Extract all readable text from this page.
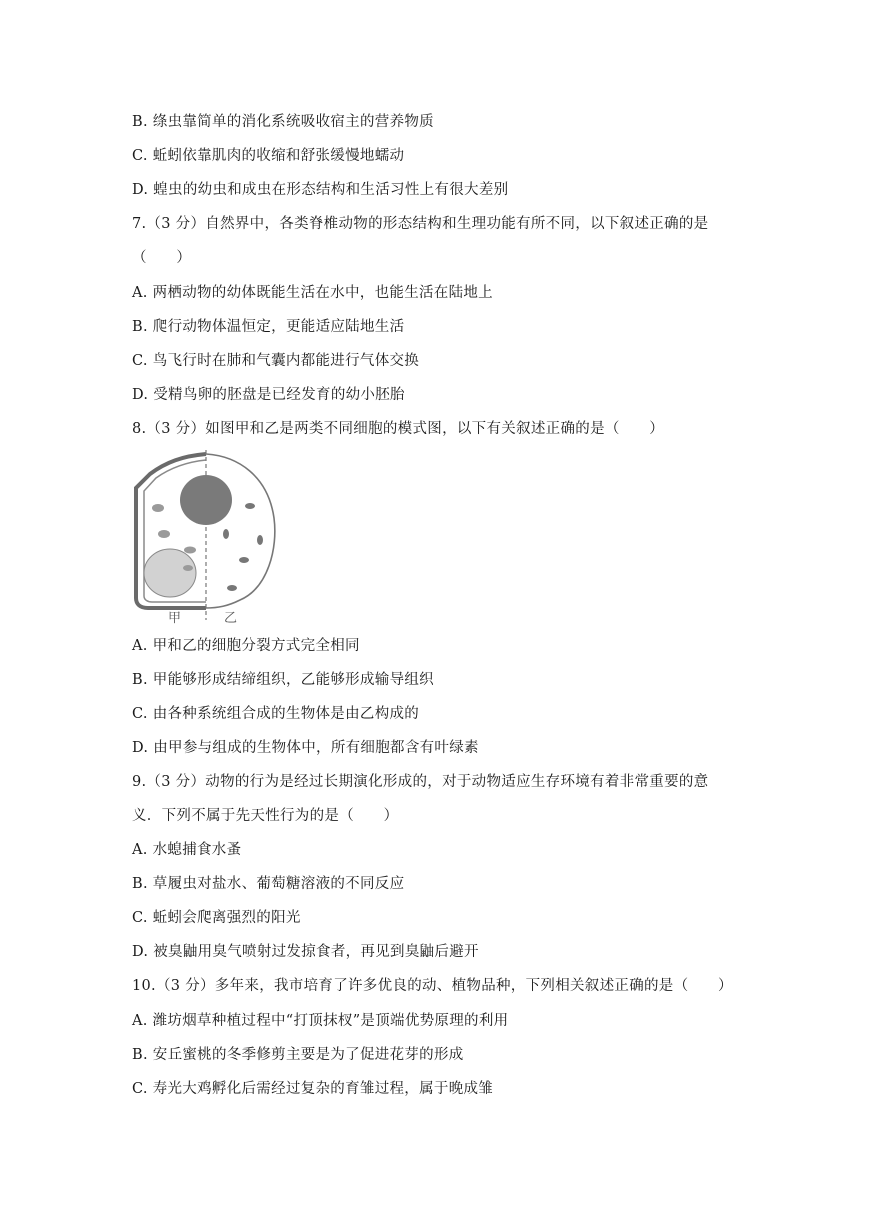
B. 绦虫靠简单的消化系统吸收宿主的营养物质
C. 蚯蚓依靠肌肉的收缩和舒张缓慢地蠕动
D. 蝗虫的幼虫和成虫在形态结构和生活习性上有很大差别
7.（3 分）自然界中，各类脊椎动物的形态结构和生理功能有所不同，以下叙述正确的是
（　　）
A. 两栖动物的幼体既能生活在水中，也能生活在陆地上
B. 爬行动物体温恒定，更能适应陆地生活
C. 鸟飞行时在肺和气囊内都能进行气体交换
D. 受精鸟卵的胚盘是已经发育的幼小胚胎
8.（3 分）如图甲和乙是两类不同细胞的模式图，以下有关叙述正确的是（　　）
甲	乙
A. 甲和乙的细胞分裂方式完全相同
B. 甲能够形成结缔组织，乙能够形成输导组织
C. 由各种系统组合成的生物体是由乙构成的
D. 由甲参与组成的生物体中，所有细胞都含有叶绿素
9.（3 分）动物的行为是经过长期演化形成的，对于动物适应生存环境有着非常重要的意
义．下列不属于先天性行为的是（　　）
A. 水螅捕食水蚤
B. 草履虫对盐水、葡萄糖溶液的不同反应
C. 蚯蚓会爬离强烈的阳光
D. 被臭鼬用臭气喷射过发掠食者，再见到臭鼬后避开
10.（3 分）多年来，我市培育了许多优良的动、植物品种，下列相关叙述正确的是（　　）
A. 潍坊烟草种植过程中“打顶抹杈”是顶端优势原理的利用
B. 安丘蜜桃的冬季修剪主要是为了促进花芽的形成
C. 寿光大鸡孵化后需经过复杂的育雏过程，属于晚成雏
